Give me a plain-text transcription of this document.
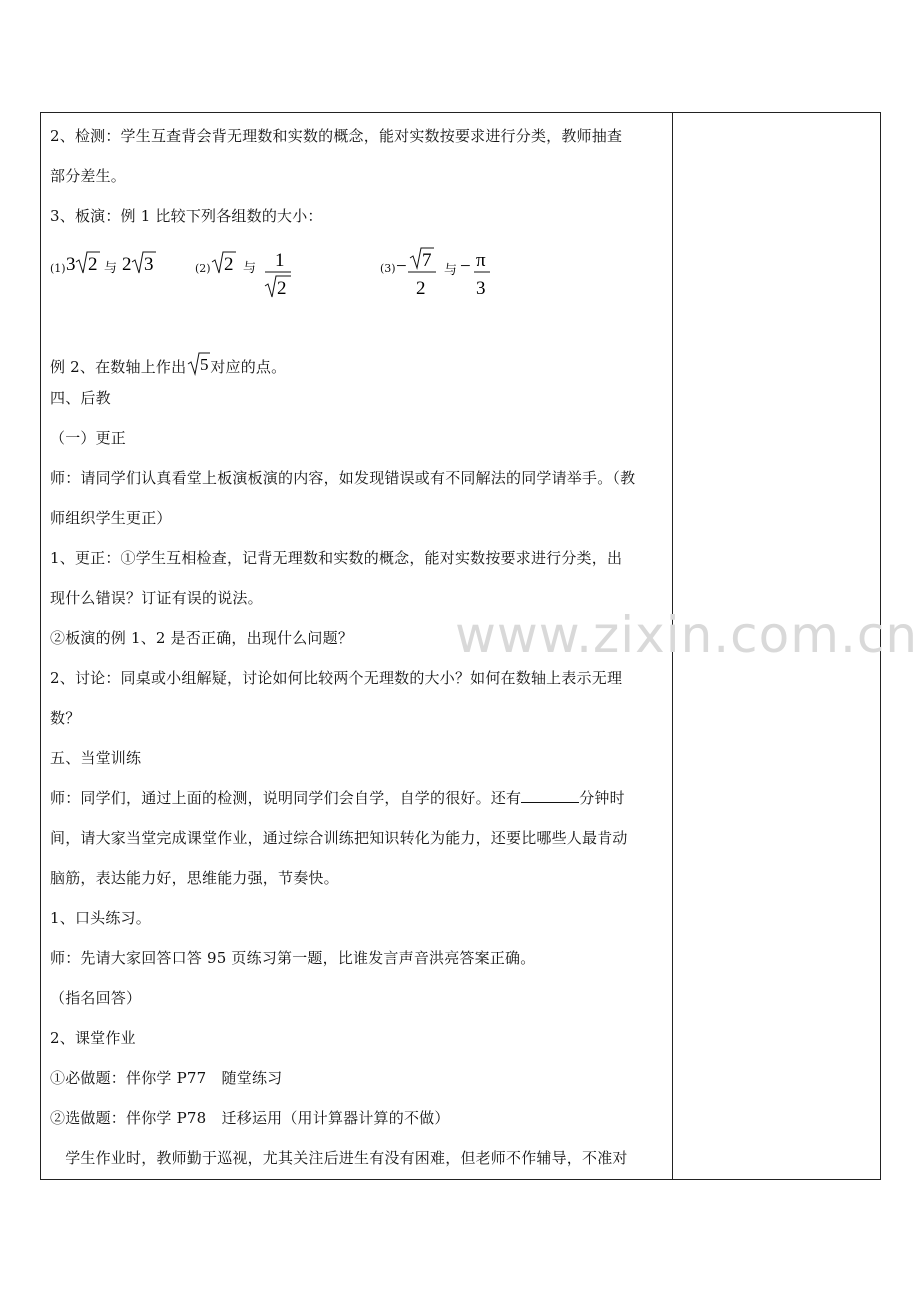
www.zixin.com.cn
2、检测：学生互查背会背无理数和实数的概念，能对实数按要求进行分类，教师抽查
部分差生。
3、板演：例 1 比较下列各组数的大小：
(1) 3 2 与 2 3	(2) 2 与 1
2
(3) − 7
2
与 − π
3
例 2、在数轴上作出 5 对应的点。
四、后教
（一）更正
师：请同学们认真看堂上板演板演的内容，如发现错误或有不同解法的同学请举手。（教
师组织学生更正）
1、更正：①学生互相检查，记背无理数和实数的概念，能对实数按要求进行分类，出
现什么错误？订证有误的说法。
②板演的例 1、2 是否正确，出现什么问题？
2、讨论：同桌或小组解疑，讨论如何比较两个无理数的大小？如何在数轴上表示无理
数？
五、当堂训练
师：同学们，通过上面的检测，说明同学们会自学，自学的很好。还有	分钟时
间，请大家当堂完成课堂作业，通过综合训练把知识转化为能力，还要比哪些人最肯动
脑筋，表达能力好，思维能力强，节奏快。
1、口头练习。
师：先请大家回答口答 95 页练习第一题，比谁发言声音洪亮答案正确。
（指名回答）
2、课堂作业
①必做题：伴你学 P77　随堂练习
②选做题：伴你学 P78　迁移运用（用计算器计算的不做）
　学生作业时，教师勤于巡视，尤其关注后进生有没有困难，但老师不作辅导，不准对
